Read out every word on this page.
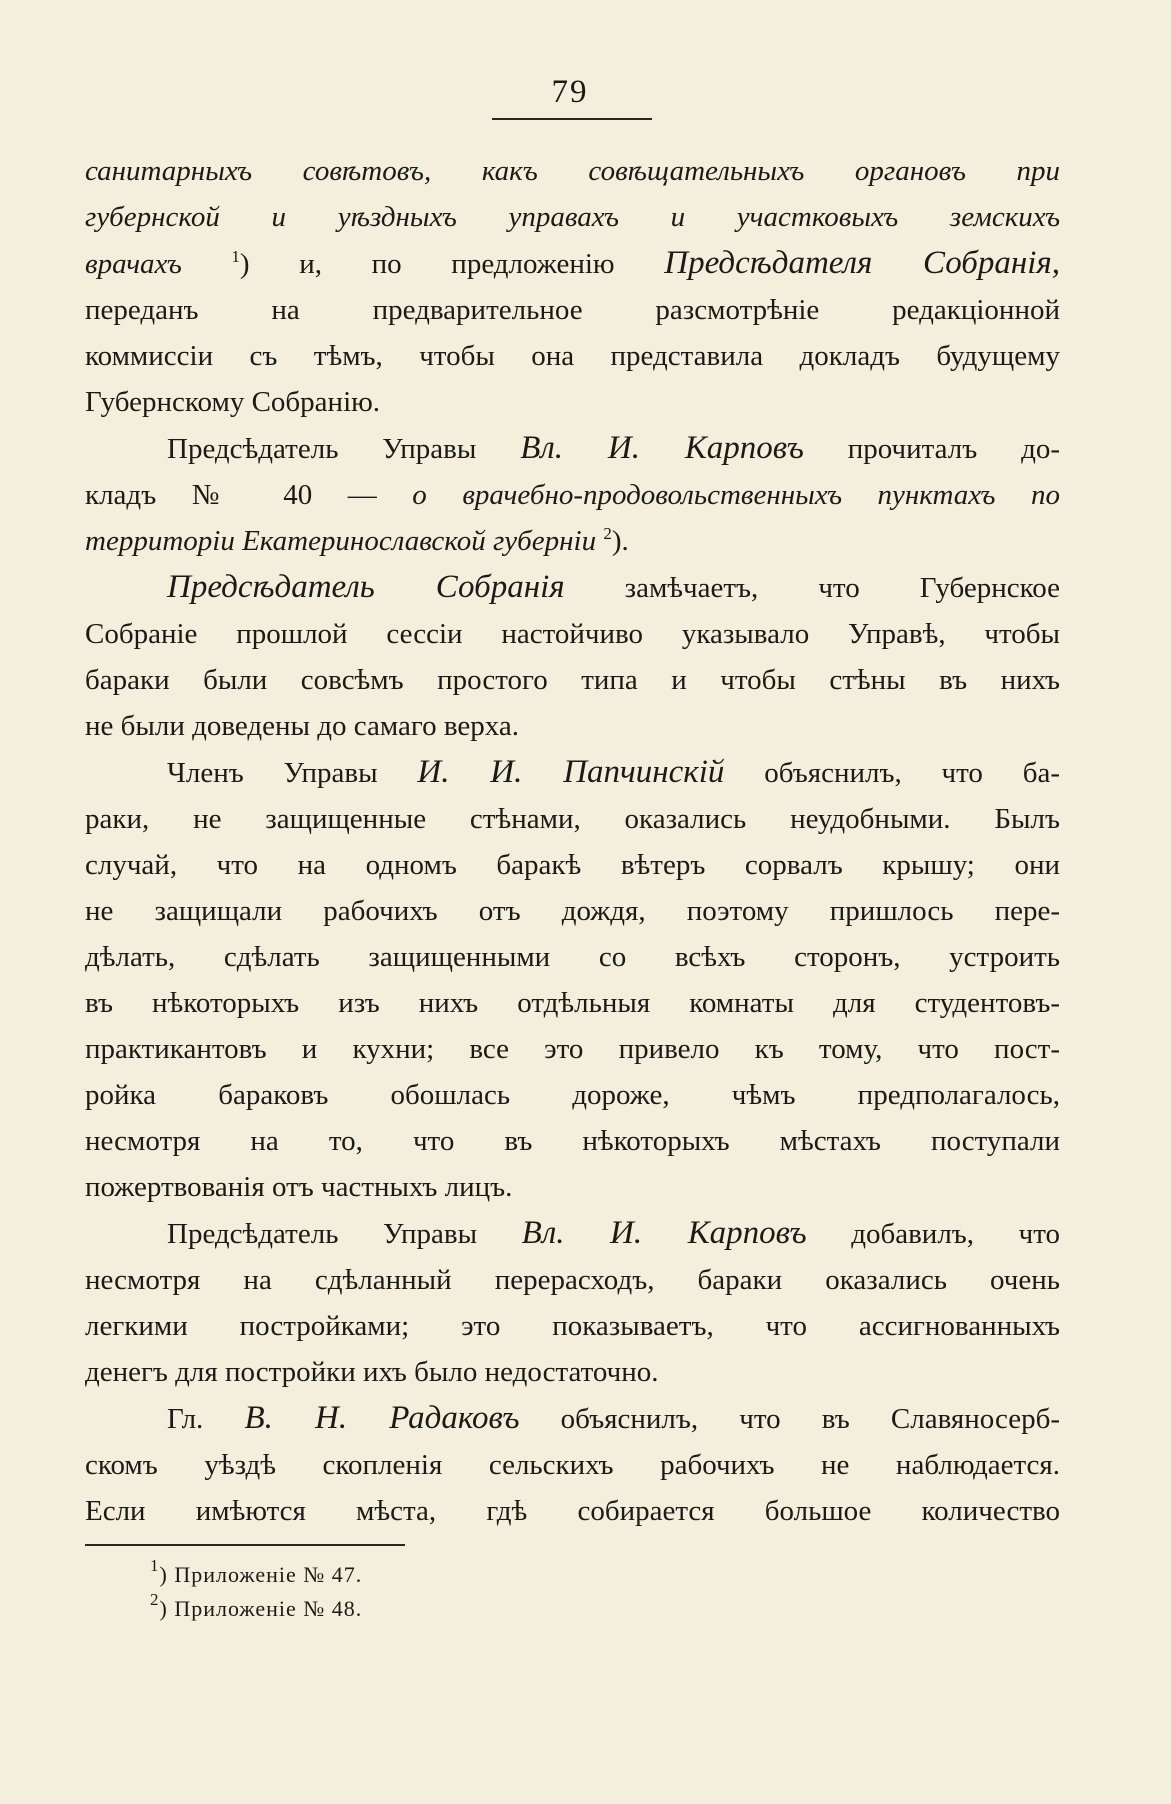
79
санитарныхъ совѣтовъ, какъ совѣщательныхъ органовъ при
губернской и уѣздныхъ управахъ и участковыхъ земскихъ
врачахъ	$^1$) и, по предложенію Предсѣдателя Собранія,
переданъ на предварительное разсмотрѣніе редакціонной
коммиссіи съ тѣмъ, чтобы она представила докладъ будущему
Губернскому Собранію.
Предсѣдатель Управы Вл. И. Карповъ прочиталъ до-
кладъ № 40 — о врачебно-продовольственныхъ пунктахъ по
территоріи Екатеринославской губерніи $^2$).
Предсѣдатель Собранія замѣчаетъ, что Губернское
Собраніе прошлой сессіи настойчиво указывало Управѣ, чтобы
бараки были совсѣмъ простого типа и чтобы стѣны въ нихъ
не были доведены до самаго верха.
Членъ Управы И. И. Папчинскій объяснилъ, что ба-
раки, не защищенные стѣнами, оказались неудобными. Былъ
случай, что на одномъ баракѣ вѣтеръ сорвалъ крышу; они
не защищали рабочихъ отъ дождя, поэтому пришлось пере-
дѣлать, сдѣлать защищенными со всѣхъ сторонъ, устроить
въ нѣкоторыхъ изъ нихъ отдѣльныя комнаты для студентовъ-
практикантовъ и кухни; все это привело къ тому, что пост-
ройка бараковъ обошлась дороже, чѣмъ предполагалось,
несмотря на то, что въ нѣкоторыхъ мѣстахъ поступали
пожертвованія отъ частныхъ лицъ.
Предсѣдатель Управы Вл. И. Карповъ добавилъ, что
несмотря на сдѣланный перерасходъ, бараки оказались очень
легкими постройками; это показываетъ, что ассигнованныхъ
денегъ для постройки ихъ было недостаточно.
Гл. В. Н. Радаковъ объяснилъ, что въ Славяносерб-
скомъ уѣздѣ скопленія сельскихъ рабочихъ не наблюдается.
Если имѣются мѣста, гдѣ собирается большое количество
$^1$) Приложеніе № 47.
$^2$) Приложеніе № 48.
